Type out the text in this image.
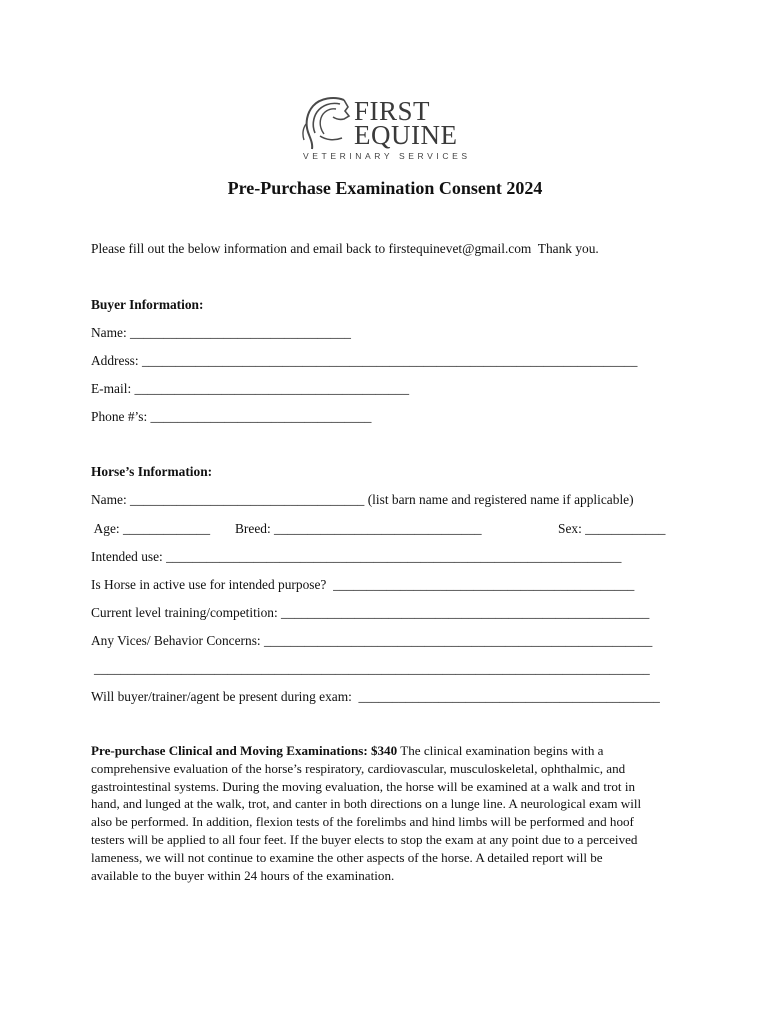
FIRST
EQUINE
VETERINARY SERVICES
Pre-Purchase Examination Consent 2024
Please fill out the below information and email back to firstequinevet@gmail.com  Thank you.
Buyer Information:
Name: _________________________________
Address: __________________________________________________________________________
E-mail: _________________________________________
Phone #’s: _________________________________
Horse’s Information:
Name: ___________________________________ (list barn name and registered name if applicable)
Age: _____________ Breed: _______________________________	Sex: ____________
Intended use: ____________________________________________________________________
Is Horse in active use for intended purpose?  _____________________________________________
Current level training/competition: _______________________________________________________
Any Vices/ Behavior Concerns: __________________________________________________________
___________________________________________________________________________________
Will buyer/trainer/agent be present during exam:  _____________________________________________
Pre-purchase Clinical and Moving Examinations: $340 The clinical examination begins with a
comprehensive evaluation of the horse’s respiratory, cardiovascular, musculoskeletal, ophthalmic, and
gastrointestinal systems. During the moving evaluation, the horse will be examined at a walk and trot in
hand, and lunged at the walk, trot, and canter in both directions on a lunge line. A neurological exam will
also be performed. In addition, flexion tests of the forelimbs and hind limbs will be performed and hoof
testers will be applied to all four feet. If the buyer elects to stop the exam at any point due to a perceived
lameness, we will not continue to examine the other aspects of the horse. A detailed report will be
available to the buyer within 24 hours of the examination.
